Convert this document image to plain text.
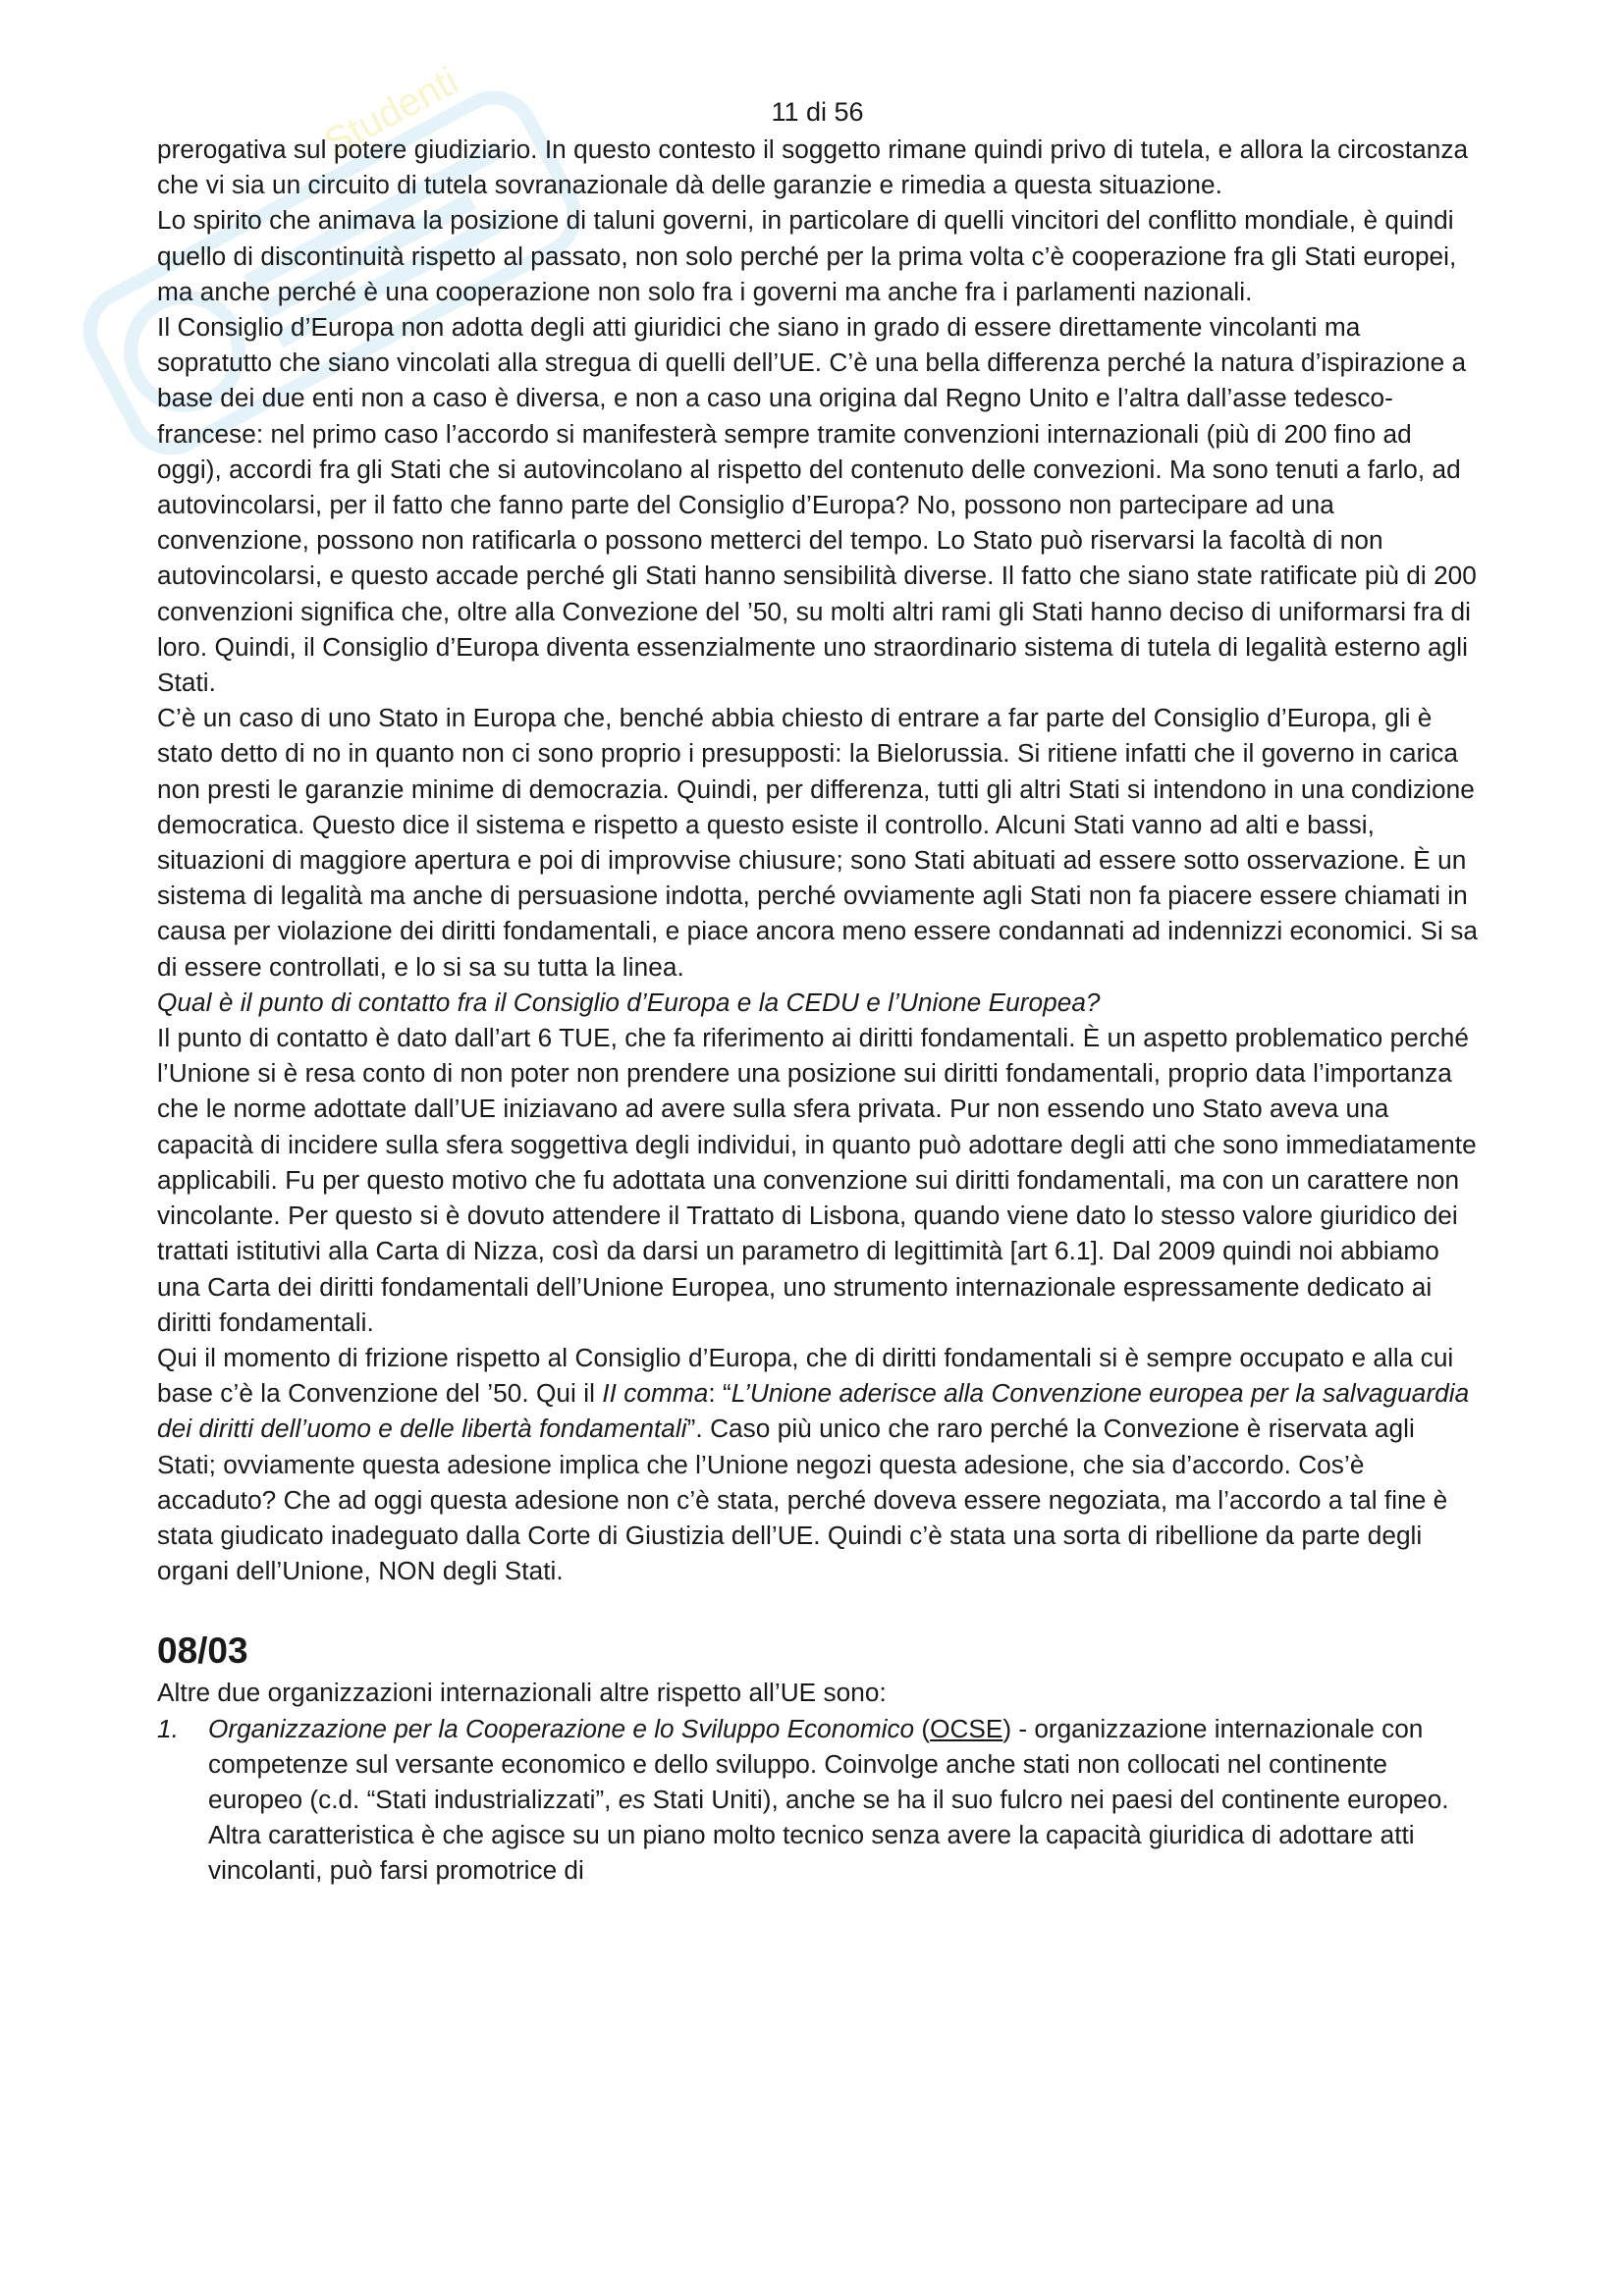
Studenti	11 di 56

prerogativa sul potere giudiziario. In questo contesto il soggetto rimane quindi privo di tutela, e allora la circostanza che vi sia un circuito di tutela sovranazionale dà delle garanzie e rimedia a questa situazione.

Lo spirito che animava la posizione di taluni governi, in particolare di quelli vincitori del conflitto mondiale, è quindi quello di discontinuità rispetto al passato, non solo perché per la prima volta c’è cooperazione fra gli Stati europei, ma anche perché è una cooperazione non solo fra i governi ma anche fra i parlamenti nazionali.

Il Consiglio d’Europa non adotta degli atti giuridici che siano in grado di essere direttamente vincolanti ma sopratutto che siano vincolati alla stregua di quelli dell’UE. C’è una bella differenza perché la natura d’ispirazione a base dei due enti non a caso è diversa, e non a caso una origina dal Regno Unito e l’altra dall’asse tedesco-francese: nel primo caso l’accordo si manifesterà sempre tramite convenzioni internazionali (più di 200 fino ad oggi), accordi fra gli Stati che si autovincolano al rispetto del contenuto delle convezioni. Ma sono tenuti a farlo, ad autovincolarsi, per il fatto che fanno parte del Consiglio d’Europa? No, possono non partecipare ad una convenzione, possono non ratificarla o possono metterci del tempo. Lo Stato può riservarsi la facoltà di non autovincolarsi, e questo accade perché gli Stati hanno sensibilità diverse. Il fatto che siano state ratificate più di 200 convenzioni significa che, oltre alla Convezione del ’50, su molti altri rami gli Stati hanno deciso di uniformarsi fra di loro. Quindi, il Consiglio d’Europa diventa essenzialmente uno straordinario sistema di tutela di legalità esterno agli Stati.

C’è un caso di uno Stato in Europa che, benché abbia chiesto di entrare a far parte del Consiglio d’Europa, gli è stato detto di no in quanto non ci sono proprio i presupposti: la Bielorussia. Si ritiene infatti che il governo in carica non presti le garanzie minime di democrazia. Quindi, per differenza, tutti gli altri Stati si intendono in una condizione democratica. Questo dice il sistema e rispetto a questo esiste il controllo. Alcuni Stati vanno ad alti e bassi, situazioni di maggiore apertura e poi di improvvise chiusure; sono Stati abituati ad essere sotto osservazione. È un sistema di legalità ma anche di persuasione indotta, perché ovviamente agli Stati non fa piacere essere chiamati in causa per violazione dei diritti fondamentali, e piace ancora meno essere condannati ad indennizzi economici. Si sa di essere controllati, e lo si sa su tutta la linea.

Qual è il punto di contatto fra il Consiglio d’Europa e la CEDU e l’Unione Europea?

Il punto di contatto è dato dall’art 6 TUE, che fa riferimento ai diritti fondamentali. È un aspetto problematico perché l’Unione si è resa conto di non poter non prendere una posizione sui diritti fondamentali, proprio data l’importanza che le norme adottate dall’UE iniziavano ad avere sulla sfera privata. Pur non essendo uno Stato aveva una capacità di incidere sulla sfera soggettiva degli individui, in quanto può adottare degli atti che sono immediatamente applicabili. Fu per questo motivo che fu adottata una convenzione sui diritti fondamentali, ma con un carattere non vincolante. Per questo si è dovuto attendere il Trattato di Lisbona, quando viene dato lo stesso valore giuridico dei trattati istitutivi alla Carta di Nizza, così da darsi un parametro di legittimità [art 6.1]. Dal 2009 quindi noi abbiamo una Carta dei diritti fondamentali dell’Unione Europea, uno strumento internazionale espressamente dedicato ai diritti fondamentali.

Qui il momento di frizione rispetto al Consiglio d’Europa, che di diritti fondamentali si è sempre occupato e alla cui base c’è la Convenzione del ’50. Qui il II comma: “L’Unione aderisce alla Convenzione europea per la salvaguardia dei diritti dell’uomo e delle libertà fondamentali”. Caso più unico che raro perché la Convezione è riservata agli Stati; ovviamente questa adesione implica che l’Unione negozi questa adesione, che sia d’accordo. Cos’è accaduto? Che ad oggi questa adesione non c’è stata, perché doveva essere negoziata, ma l’accordo a tal fine è stata giudicato inadeguato dalla Corte di Giustizia dell’UE. Quindi c’è stata una sorta di ribellione da parte degli organi dell’Unione, NON degli Stati.

08/03

Altre due organizzazioni internazionali altre rispetto all’UE sono:

1. Organizzazione per la Cooperazione e lo Sviluppo Economico (OCSE) - organizzazione internazionale con competenze sul versante economico e dello sviluppo. Coinvolge anche stati non collocati nel continente europeo (c.d. “Stati industrializzati”, es Stati Uniti), anche se ha il suo fulcro nei paesi del continente europeo. Altra caratteristica è che agisce su un piano molto tecnico senza avere la capacità giuridica di adottare atti vincolanti, può farsi promotrice di
